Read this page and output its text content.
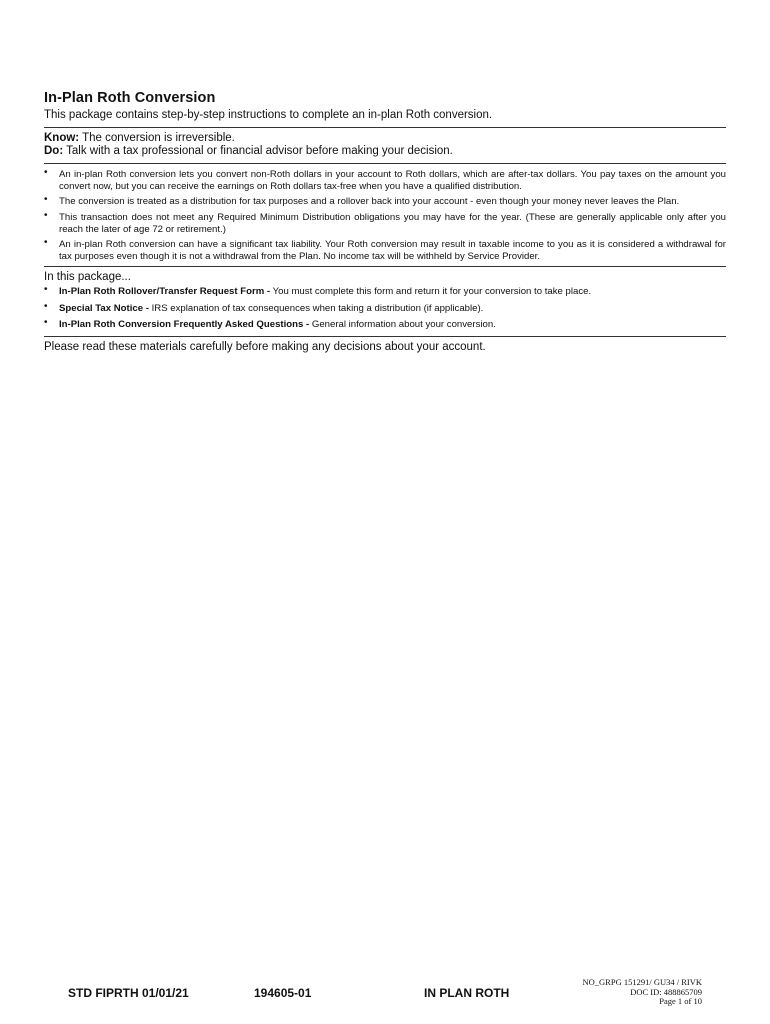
In-Plan Roth Conversion

This package contains step-by-step instructions to complete an in-plan Roth conversion.

Know: The conversion is irreversible.
Do: Talk with a tax professional or financial advisor before making your decision.
• An in-plan Roth conversion lets you convert non-Roth dollars in your account to Roth dollars, which are after-tax dollars. You pay taxes on the amount you convert now, but you can receive the earnings on Roth dollars tax-free when you have a qualified distribution.
• The conversion is treated as a distribution for tax purposes and a rollover back into your account - even though your money never leaves the Plan.
• This transaction does not meet any Required Minimum Distribution obligations you may have for the year. (These are generally applicable only after you reach the later of age 72 or retirement.)
• An in-plan Roth conversion can have a significant tax liability. Your Roth conversion may result in taxable income to you as it is considered a withdrawal for tax purposes even though it is not a withdrawal from the Plan. No income tax will be withheld by Service Provider.
In this package...
• In-Plan Roth Rollover/Transfer Request Form - You must complete this form and return it for your conversion to take place.
• Special Tax Notice - IRS explanation of tax consequences when taking a distribution (if applicable).
• In-Plan Roth Conversion Frequently Asked Questions - General information about your conversion.

Please read these materials carefully before making any decisions about your account.

STD FIPRTH 01/01/21	194605-01	IN PLAN ROTH
NO_GRPG 151291/ GU34 / RIVK
DOC ID: 488865709
Page 1 of 10
